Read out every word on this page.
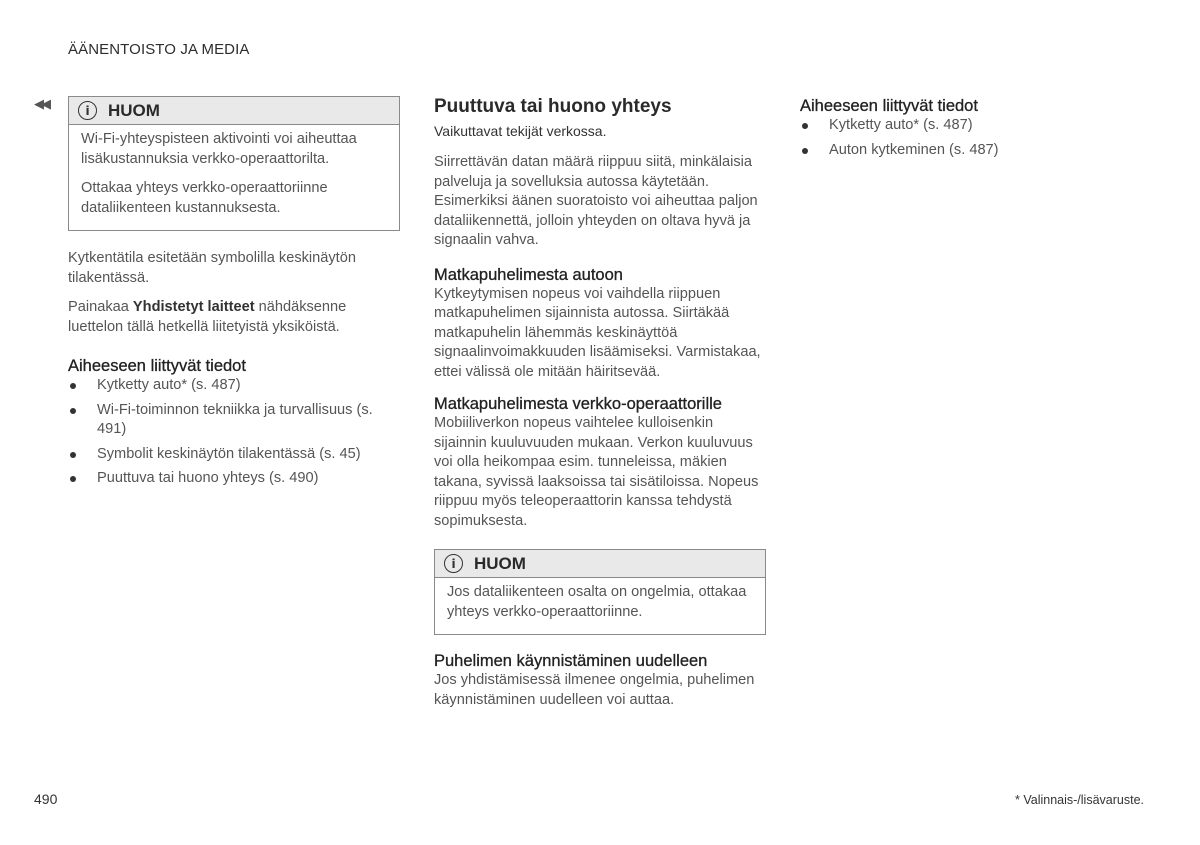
ÄÄNENTOISTO JA MEDIA
◀◀	i	HUOM

Wi-Fi-yhteyspisteen aktivointi voi aiheuttaa lisäkustannuksia verkko-operaattorilta.

Ottakaa yhteys verkko-operaattoriinne dataliikenteen kustannuksesta.

Kytkentätila esitetään symbolilla keskinäytön tilakentässä.

Painakaa Yhdistetyt laitteet nähdäksenne luettelon tällä hetkellä liitetyistä yksiköistä.

Aiheeseen liittyvät tiedot
Kytketty auto* (s. 487)
Wi-Fi-toiminnon tekniikka ja turvallisuus (s. 491)
Symbolit keskinäytön tilakentässä (s. 45)
Puuttuva tai huono yhteys (s. 490)
Puuttuva tai huono yhteys
Vaikuttavat tekijät verkossa.

Siirrettävän datan määrä riippuu siitä, minkälaisia palveluja ja sovelluksia autossa käytetään. Esimerkiksi äänen suoratoisto voi aiheuttaa paljon dataliikennettä, jolloin yhteyden on oltava hyvä ja signaalin vahva.

Matkapuhelimesta autoon

Kytkeytymisen nopeus voi vaihdella riippuen matkapuhelimen sijainnista autossa. Siirtäkää matkapuhelin lähemmäs keskinäyttöä signaalinvoimakkuuden lisäämiseksi. Varmistakaa, ettei välissä ole mitään häiritsevää.

Matkapuhelimesta verkko-operaattorille

Mobiiliverkon nopeus vaihtelee kulloisenkin sijainnin kuuluvuuden mukaan. Verkon kuuluvuus voi olla heikompaa esim. tunneleissa, mäkien takana, syvissä laaksoissa tai sisätiloissa. Nopeus riippuu myös teleoperaattorin kanssa tehdystä sopimuksesta.

i	HUOM

Jos dataliikenteen osalta on ongelmia, ottakaa yhteys verkko-operaattoriinne.

Puhelimen käynnistäminen uudelleen

Jos yhdistämisessä ilmenee ongelmia, puhelimen käynnistäminen uudelleen voi auttaa.

Aiheeseen liittyvät tiedot
Kytketty auto* (s. 487)
Auton kytkeminen (s. 487)
490	* Valinnais-/lisävaruste.
